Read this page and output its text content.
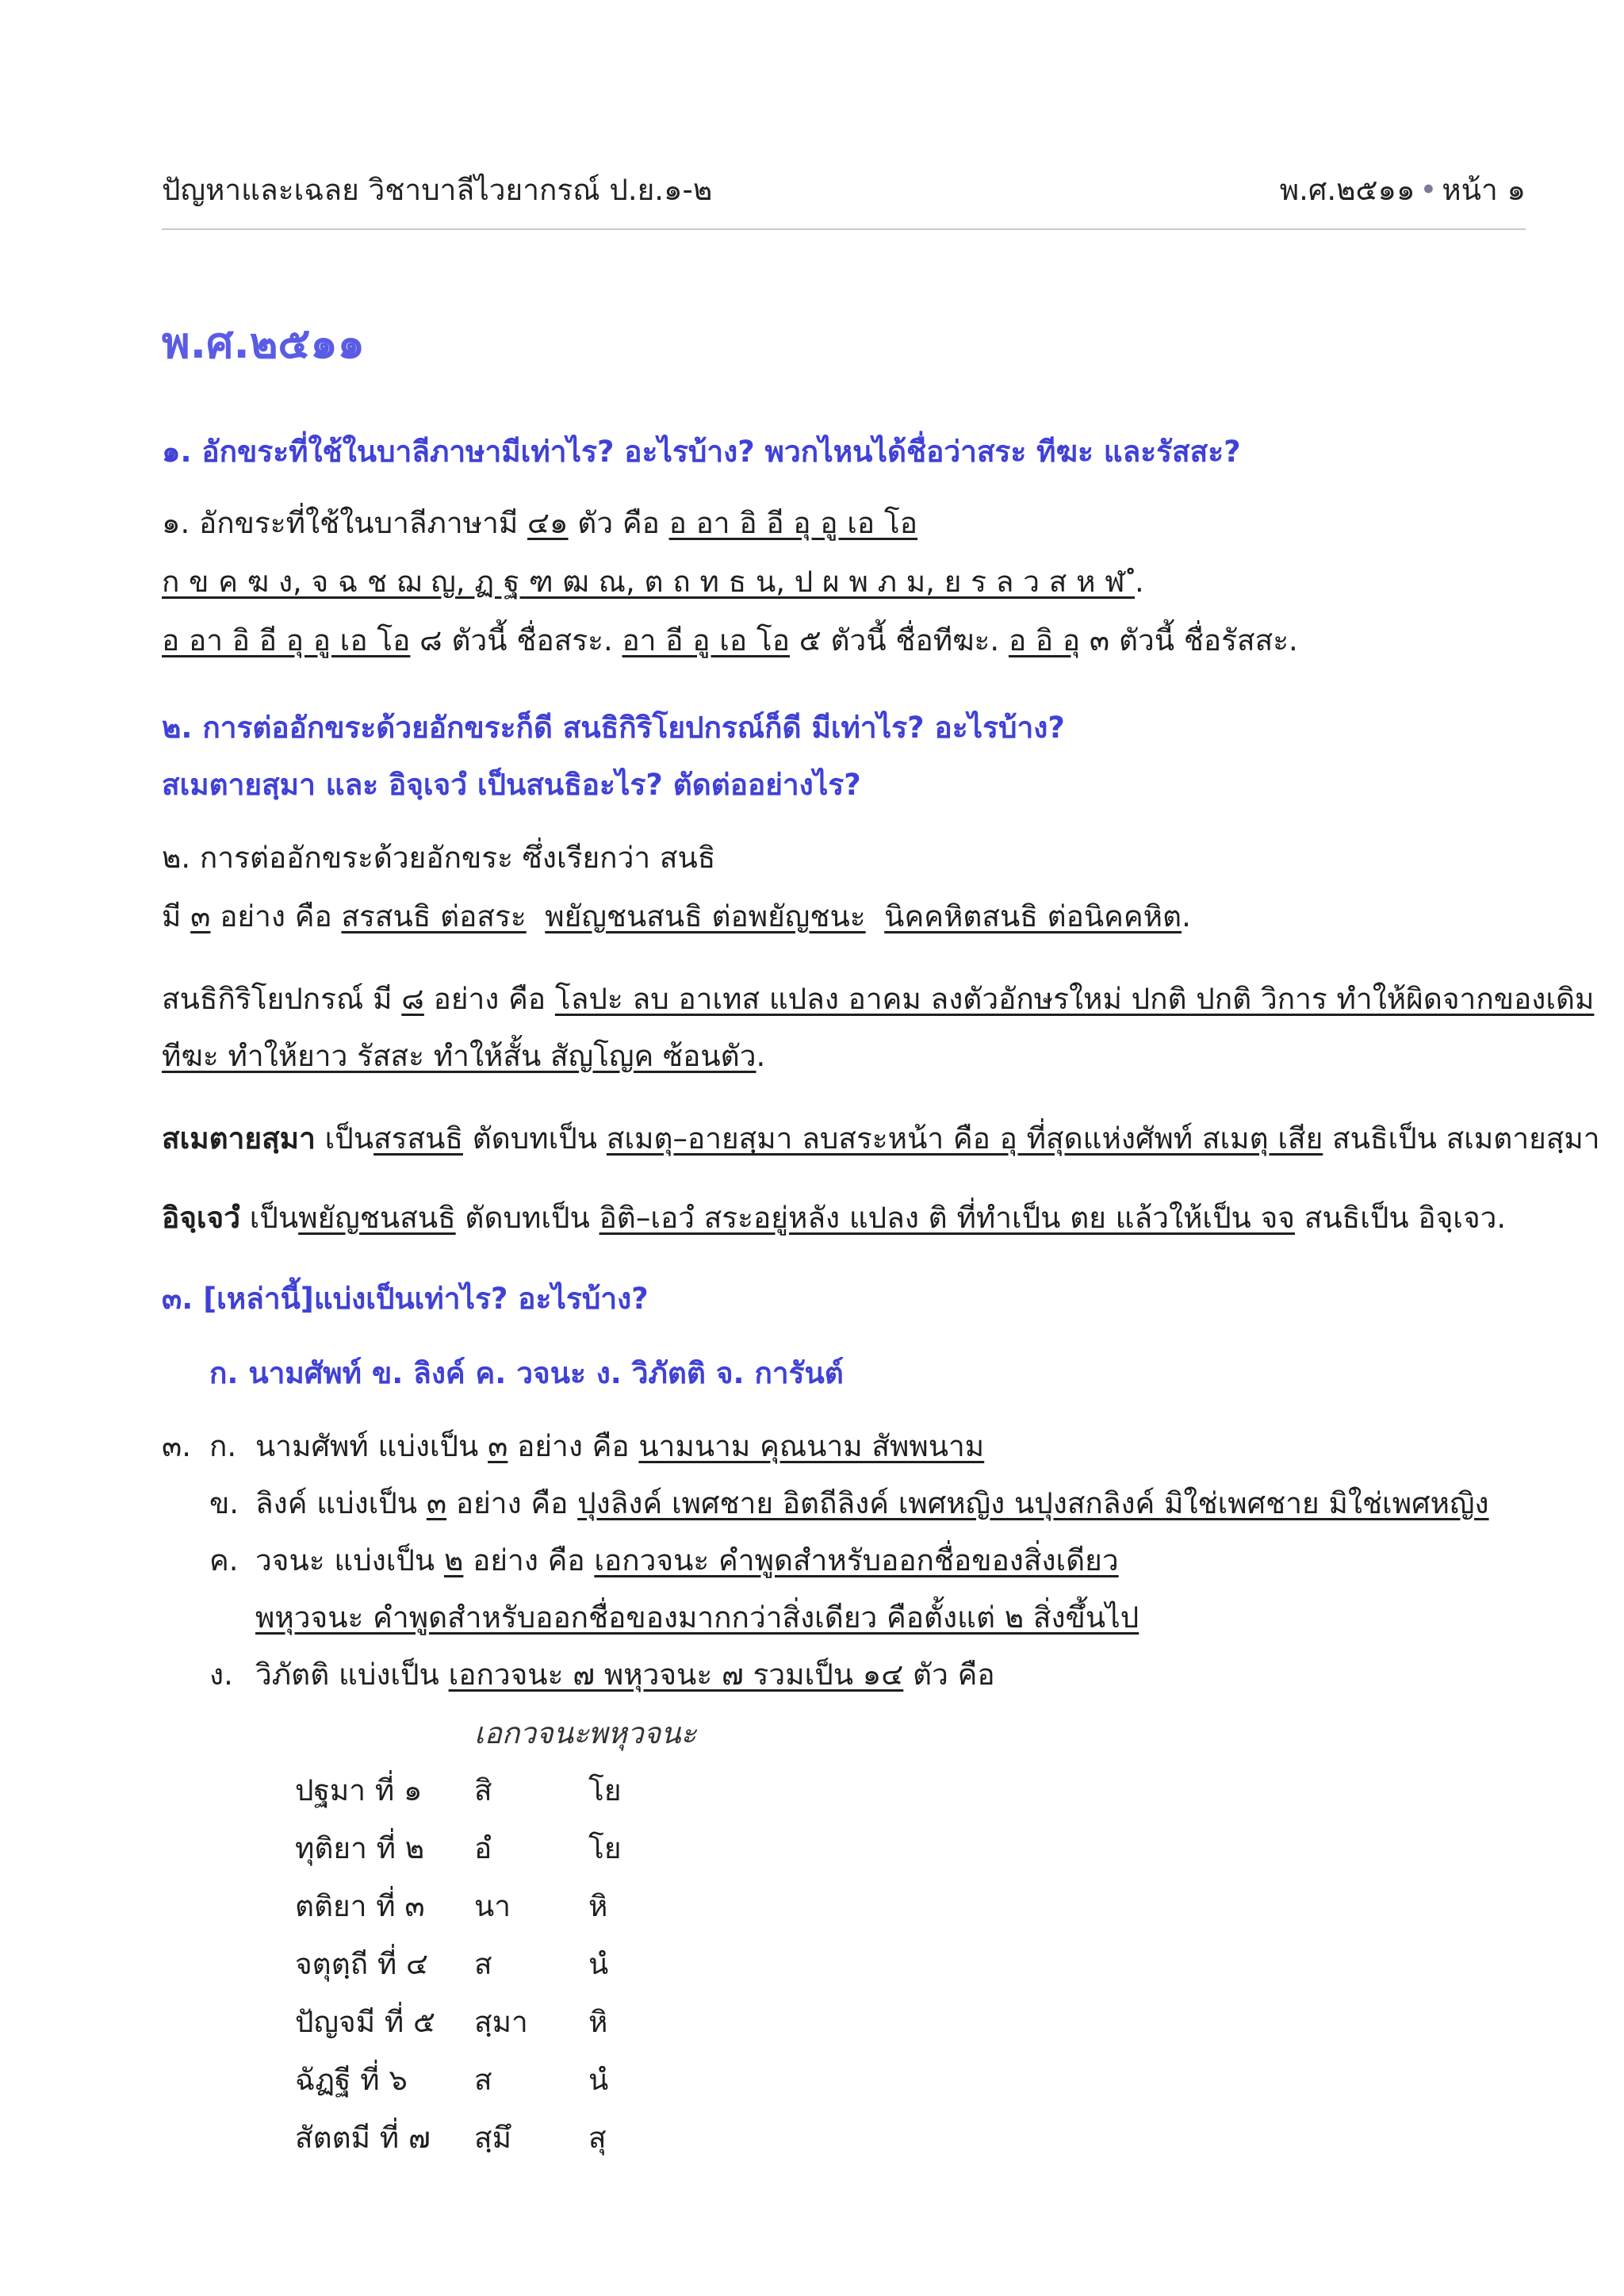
ปัญหาและเฉลย วิชาบาลีไวยากรณ์ ป.ย.๑-๒	พ.ศ.๒๕๑๑ • หน้า ๑
พ.ศ.๒๕๑๑
๑. อักขระที่ใช้ในบาลีภาษามีเท่าไร? อะไรบ้าง? พวกไหนได้ชื่อว่าสระ ทีฆะ และรัสสะ?
๑. อักขระที่ใช้ในบาลีภาษามี ๔๑ ตัว คือ อ อา อิ อี อุ อู เอ โอ
ก ข ค ฆ ง, จ ฉ ช ฌ ญ, ฏ ฐ ฑ ฒ ณ, ต ถ ท ธ น, ป ผ พ ภ ม, ย ร ล ว ส ห ฬ ํ.
อ อา อิ อี อุ อู เอ โอ ๘ ตัวนี้ ชื่อสระ. อา อี อู เอ โอ ๕ ตัวนี้ ชื่อทีฆะ. อ อิ อุ ๓ ตัวนี้ ชื่อรัสสะ.
๒. การต่ออักขระด้วยอักขระก็ดี สนธิกิริโยปกรณ์ก็ดี มีเท่าไร? อะไรบ้าง?
สเมตายสฺมา และ อิจฺเจวํ เป็นสนธิอะไร? ตัดต่ออย่างไร?
๒. การต่ออักขระด้วยอักขระ ซึ่งเรียกว่า สนธิ
มี ๓ อย่าง คือ สรสนธิ ต่อสระ พยัญชนสนธิ ต่อพยัญชนะ นิคคหิตสนธิ ต่อนิคคหิต.
สนธิกิริโยปกรณ์ มี ๘ อย่าง คือ โลปะ ลบ อาเทส แปลง อาคม ลงตัวอักษรใหม่ ปกติ ปกติ วิการ ทำให้ผิดจากของเดิม
ทีฆะ ทำให้ยาว รัสสะ ทำให้สั้น สัญโญค ซ้อนตัว.
สเมตายสฺมา เป็นสรสนธิ ตัดบทเป็น สเมตุ–อายสฺมา ลบสระหน้า คือ อุ ที่สุดแห่งศัพท์ สเมตุ เสีย สนธิเป็น สเมตายสฺมา
อิจฺเจวํ เป็นพยัญชนสนธิ ตัดบทเป็น อิติ–เอวํ สระอยู่หลัง แปลง ติ ที่ทำเป็น ตย แล้วให้เป็น จจ สนธิเป็น อิจฺเจว.
๓. [เหล่านี้]แบ่งเป็นเท่าไร? อะไรบ้าง?
ก. นามศัพท์ ข. ลิงค์ ค. วจนะ ง. วิภัตติ จ. การันต์
๓. ก. นามศัพท์ แบ่งเป็น ๓ อย่าง คือ นามนาม คุณนาม สัพพนาม
ข. ลิงค์ แบ่งเป็น ๓ อย่าง คือ ปุงลิงค์ เพศชาย อิตถีลิงค์ เพศหญิง นปุงสกลิงค์ มิใช่เพศชาย มิใช่เพศหญิง
ค. วจนะ แบ่งเป็น ๒ อย่าง คือ เอกวจนะ คำพูดสำหรับออกชื่อของสิ่งเดียว
พหุวจนะ คำพูดสำหรับออกชื่อของมากกว่าสิ่งเดียว คือตั้งแต่ ๒ สิ่งขึ้นไป
ง. วิภัตติ แบ่งเป็น เอกวจนะ ๗ พหุวจนะ ๗ รวมเป็น ๑๔ ตัว คือ
เอกวจนะ พหุวจนะ
ปฐมา ที่ ๑ สิ	โย
ทุติยา ที่ ๒ อํ	โย
ตติยา ที่ ๓ นา	หิ
จตุตฺถี ที่ ๔ ส	นํ
ปัญจมี ที่ ๕ สฺมา หิ
ฉัฏฐี ที่ ๖ ส	นํ
สัตตมี ที่ ๗ สฺมึ	สุ
